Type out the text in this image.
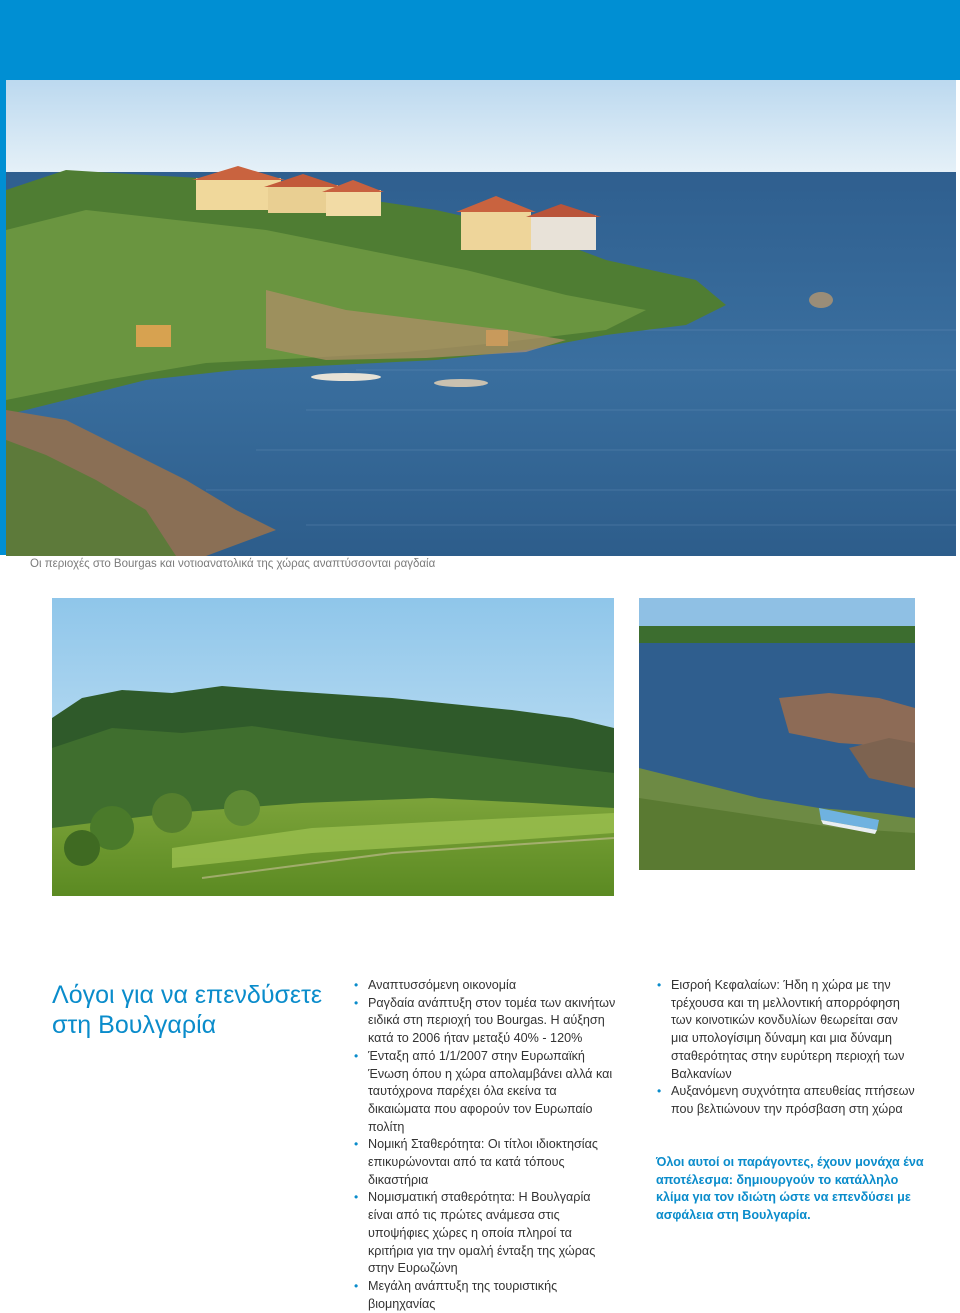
Οι περιοχές στο Bourgas και νοτιοανατολικά της χώρας αναπτύσσονται ραγδαία
Λόγοι για να επενδύσετε
στη Βουλγαρία
• Αναπτυσσόμενη οικονομία
• Ραγδαία ανάπτυξη στον τομέα των ακινήτων ειδικά στη περιοχή του Bourgas. Η αύξηση κατά το 2006 ήταν μεταξύ 40% - 120%
• Ένταξη από 1/1/2007 στην Ευρωπαϊκή Ένωση όπου η χώρα απολαμβάνει αλλά και ταυτόχρονα παρέχει όλα εκείνα τα δικαιώματα που αφορούν τον Ευρωπαίο πολίτη
• Νομική Σταθερότητα: Οι τίτλοι ιδιοκτησίας επικυρώνονται από τα κατά τόπους δικαστήρια
• Νομισματική σταθερότητα: Η Βουλγαρία είναι από τις πρώτες ανάμεσα στις υποψήφιες χώρες η οποία πληροί τα κριτήρια για την ομαλή ένταξη της χώρας στην Ευρωζώνη
• Μεγάλη ανάπτυξη της τουριστικής βιομηχανίας
• Εισροή Κεφαλαίων: Ήδη η χώρα με την τρέχουσα και τη μελλοντική απορρόφηση των κοινοτικών κονδυλίων θεωρείται σαν μια υπολογίσιμη δύναμη και μια δύναμη σταθερότητας στην ευρύτερη περιοχή των Βαλκανίων
• Αυξανόμενη συχνότητα απευθείας πτήσεων που βελτιώνουν την πρόσβαση στη χώρα
Όλοι αυτοί οι παράγοντες, έχουν μονάχα ένα αποτέλεσμα: δημιουργούν το κατάλληλο κλίμα για τον ιδιώτη ώστε να επενδύσει με ασφάλεια στη Βουλγαρία.
